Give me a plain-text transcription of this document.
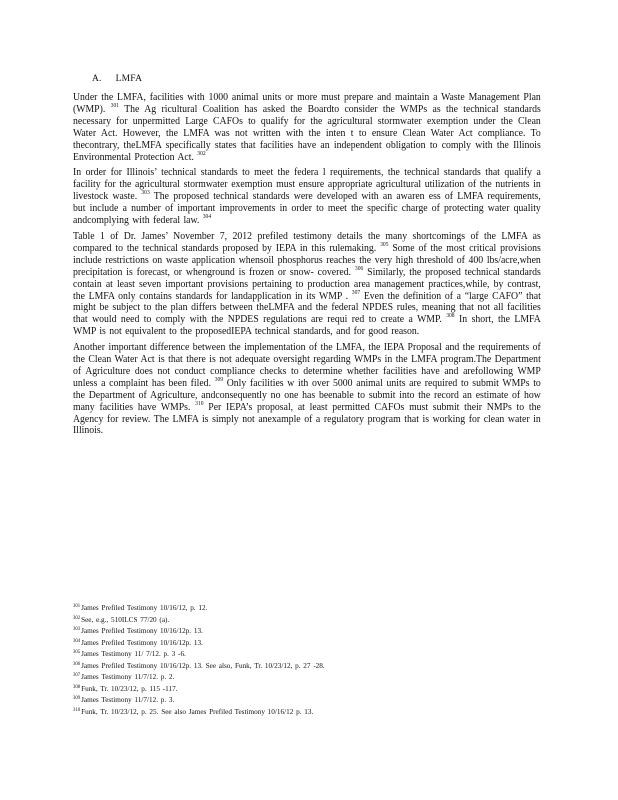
A. LMFA

Under the LMFA, facilities with 1000 animal units or more must prepare and maintain a Waste Management Plan (WMP). $^{301}$ The Ag ricultural Coalition has asked the Boardto consider the WMPs as the technical standards necessary for unpermitted Large CAFOs to qualify for the agricultural stormwater exemption under the Clean Water Act. However, the LMFA was not written with the inten t to ensure Clean Water Act compliance. To thecontrary, theLMFA specifically states that facilities have an independent obligation to comply with the Illinois Environmental Protection Act. $^{302}$

In order for Illinois’ technical standards to meet the federa l requirements, the technical standards that qualify a facility for the agricultural stormwater exemption must ensure appropriate agricultural utilization of the nutrients in livestock waste. $^{303}$ The proposed technical standards were developed with an awaren ess of LMFA requirements, but include a number of important improvements in order to meet the specific charge of protecting water quality andcomplying with federal law. $^{304}$

Table 1 of Dr. James’ November 7, 2012 prefiled testimony details the many shortcomings of the LMFA as compared to the technical standards proposed by IEPA in this rulemaking. $^{305}$ Some of the most critical provisions include restrictions on waste application whensoil phosphorus reaches the very high threshold of 400 lbs/acre,when precipitation is forecast, or whenground is frozen or snow- covered. $^{306}$ Similarly, the proposed technical standards contain at least seven important provisions pertaining to production area management practices,while, by contrast, the LMFA only contains standards for landapplication in its WMP . $^{307}$ Even the definition of a “large CAFO” that might be subject to the plan differs between theLMFA and the federal NPDES rules, meaning that not all facilities that would need to comply with the NPDES regulations are requi red to create a WMP. $^{308}$ In short, the LMFA WMP is not equivalent to the proposedIEPA technical standards, and for good reason.

Another important difference between the implementation of the LMFA, the IEPA Proposal and the requirements of the Clean Water Act is that there is not adequate oversight regarding WMPs in the LMFA program.The Department of Agriculture does not conduct compliance checks to determine whether facilities have and arefollowing WMP unless a complaint has been filed. $^{309}$ Only facilities w ith over 5000 animal units are required to submit WMPs to the Department of Agriculture, andconsequently no one has beenable to submit into the record an estimate of how many facilities have WMPs. $^{310}$ Per IEPA’s proposal, at least permitted CAFOs must submit their NMPs to the Agency for review. The LMFA is simply not anexample of a regulatory program that is working for clean water in Illinois.

$^{301}$James Prefiled Testimony 10/16/12, p. 12.
$^{302}$See, e.g., 510ILCS 77/20 (a).
$^{303}$James Prefiled Testimony 10/16/12p. 13.
$^{304}$James Prefiled Testimony 10/16/12p. 13.
$^{305}$James Testimony 11/ 7/12. p. 3 -6.
$^{306}$James Prefiled Testimony 10/16/12p. 13. See also, Funk, Tr. 10/23/12, p. 27 -28.
$^{307}$James Testimony 11/7/12. p. 2.
$^{308}$Funk, Tr. 10/23/12, p. 115 -117.
$^{309}$James Testimony 11/7/12. p. 3.
$^{310}$Funk, Tr. 10/23/12, p. 25. See also James Prefiled Testimony 10/16/12 p. 13.
